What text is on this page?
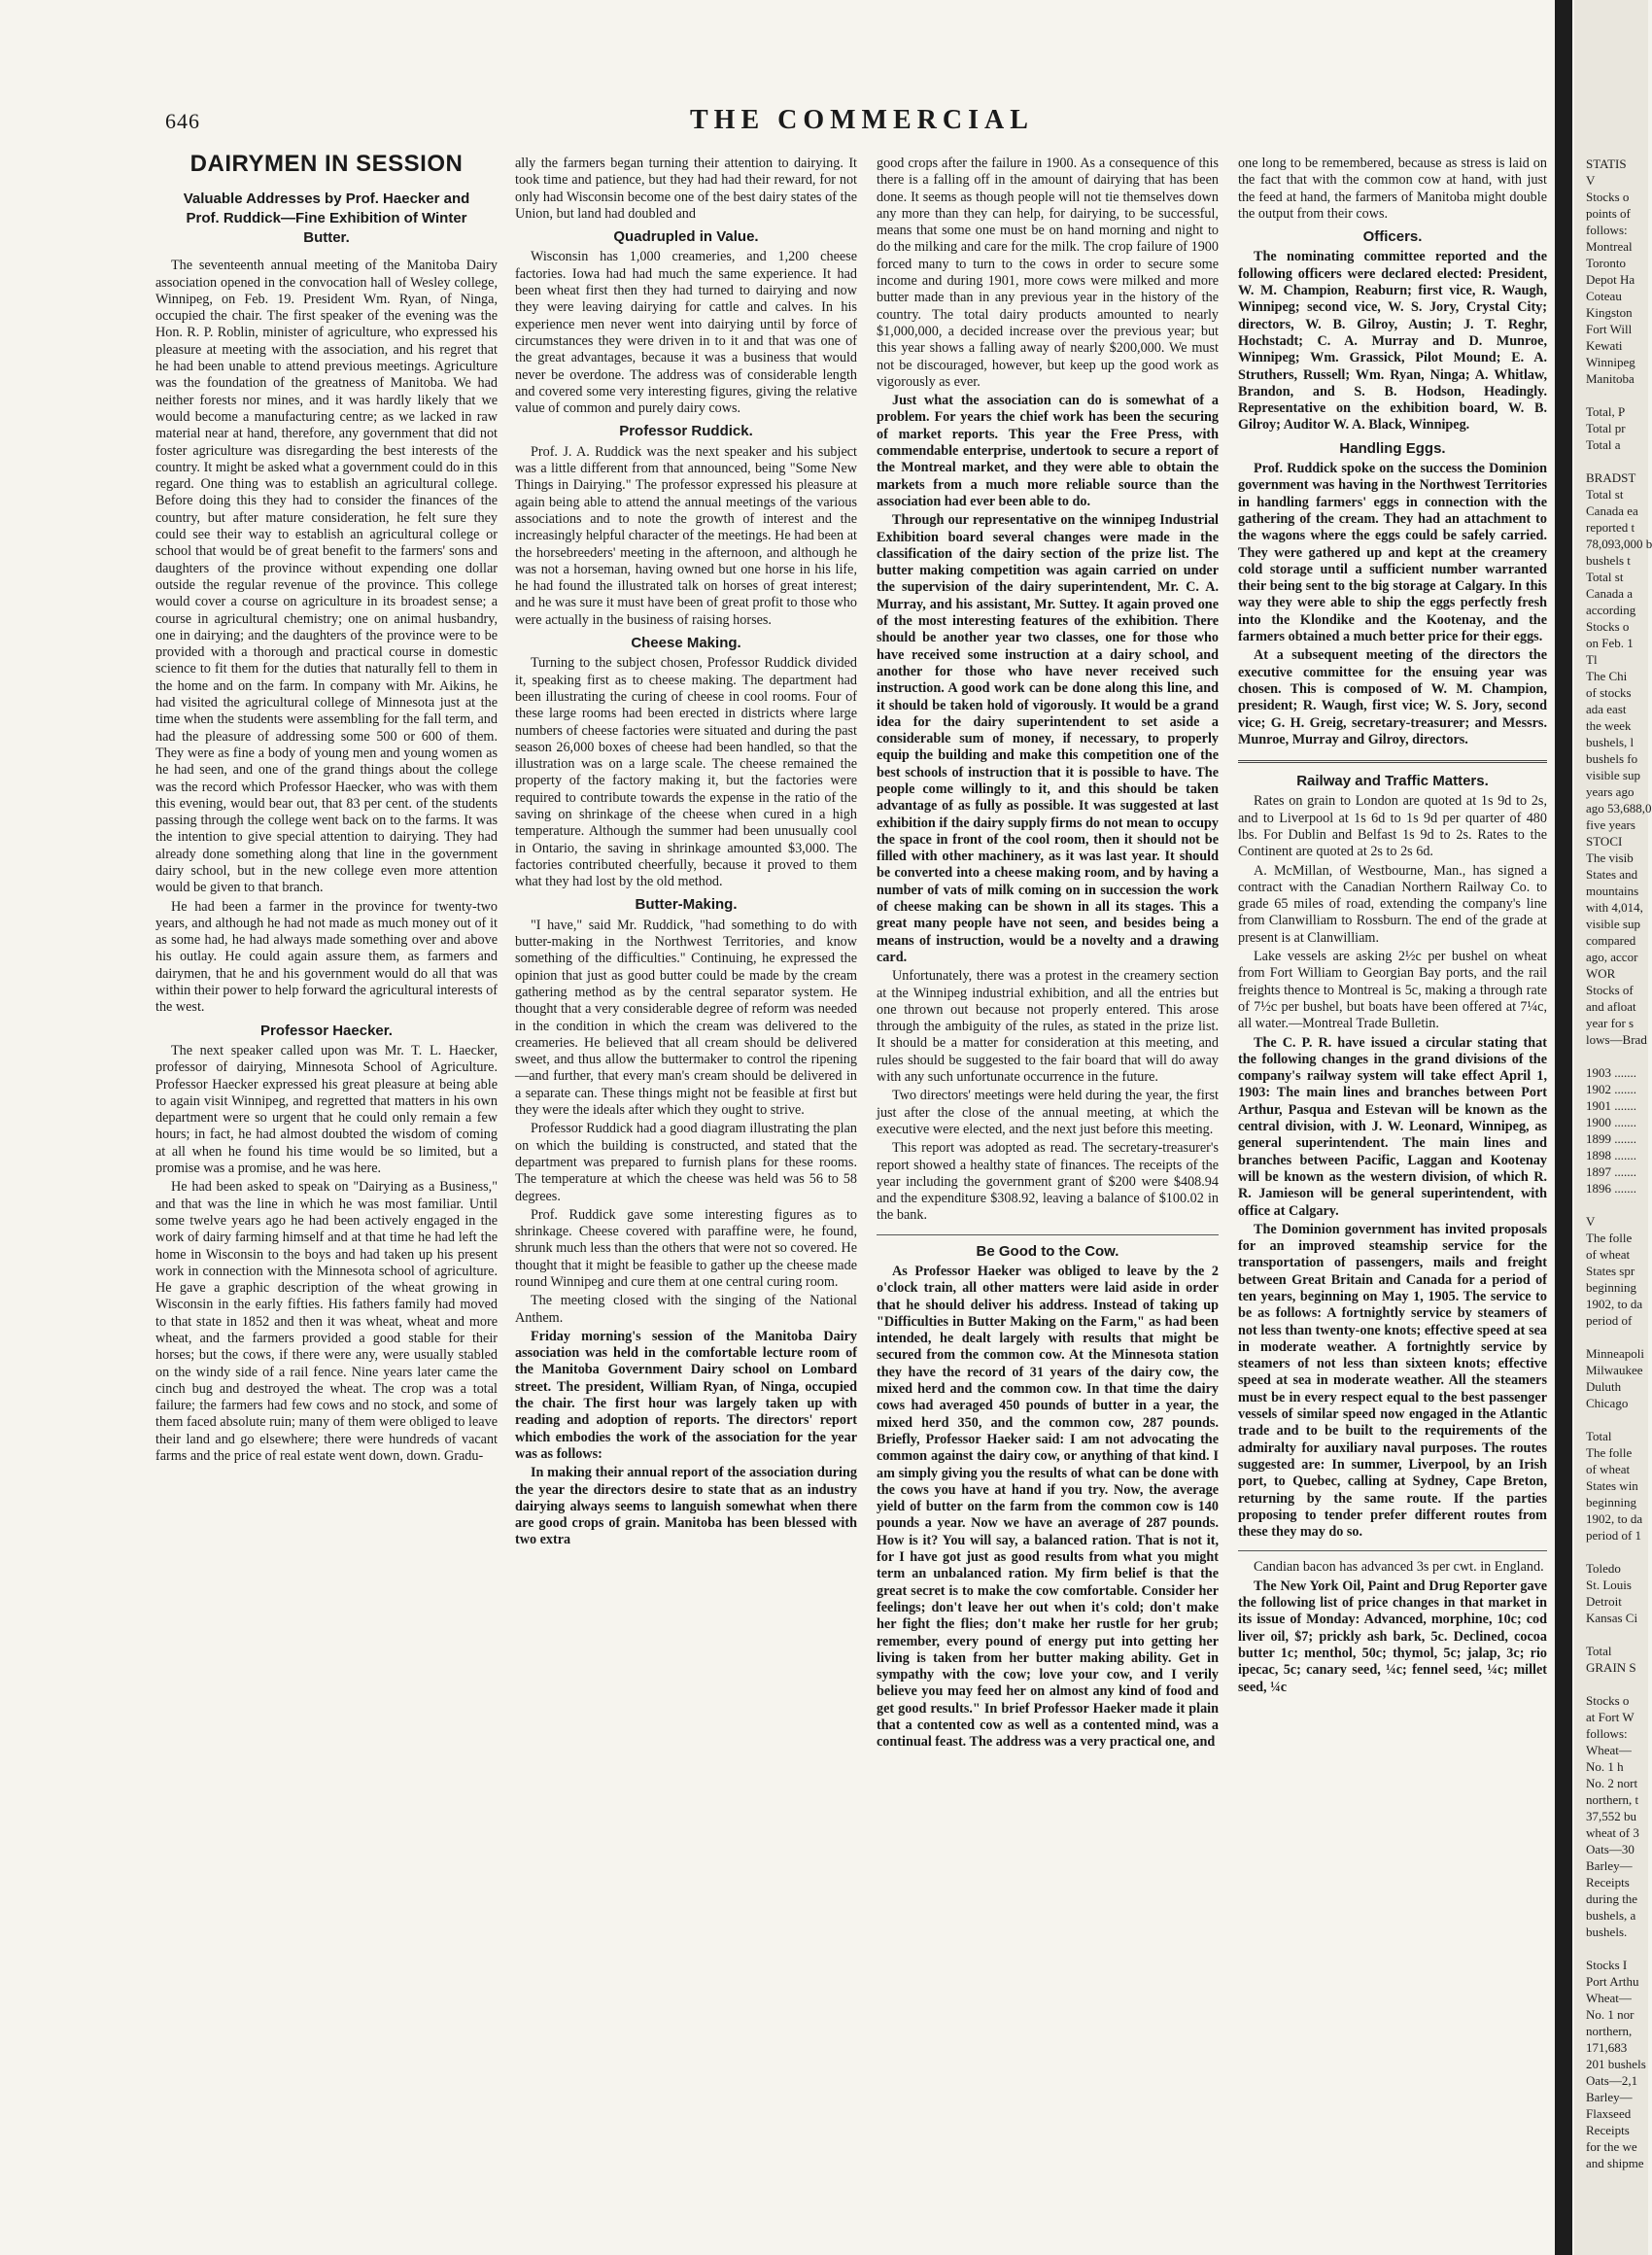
646	THE COMMERCIAL
DAIRYMEN IN SESSION
Valuable Addresses by Prof. Haecker and Prof. Ruddick—Fine Exhibition of Winter Butter.

The seventeenth annual meeting of the Manitoba Dairy association opened in the convocation hall of Wesley college, Winnipeg, on Feb. 19. President Wm. Ryan, of Ninga, occupied the chair. The first speaker of the evening was the Hon. R. P. Roblin, minister of agriculture, who expressed his pleasure at meeting with the association, and his regret that he had been unable to attend previous meetings. Agriculture was the foundation of the greatness of Manitoba. We had neither forests nor mines, and it was hardly likely that we would become a manufacturing centre; as we lacked in raw material near at hand, therefore, any government that did not foster agriculture was disregarding the best interests of the country. It might be asked what a government could do in this regard. One thing was to establish an agricultural college. Before doing this they had to consider the finances of the country, but after mature consideration, he felt sure they could see their way to establish an agricultural college or school that would be of great benefit to the farmers' sons and daughters of the province without expending one dollar outside the regular revenue of the province. This college would cover a course on agriculture in its broadest sense; a course in agricultural chemistry; one on animal husbandry, one in dairying; and the daughters of the province were to be provided with a thorough and practical course in domestic science to fit them for the duties that naturally fell to them in the home and on the farm. In company with Mr. Aikins, he had visited the agricultural college of Minnesota just at the time when the students were assembling for the fall term, and had the pleasure of addressing some 500 or 600 of them. They were as fine a body of young men and young women as he had seen, and one of the grand things about the college was the record which Professor Haecker, who was with them this evening, would bear out, that 83 per cent. of the students passing through the college went back on to the farms. It was the intention to give special attention to dairying. They had already done something along that line in the government dairy school, but in the new college even more attention would be given to that branch.

He had been a farmer in the province for twenty-two years, and although he had not made as much money out of it as some had, he had always made something over and above his outlay. He could again assure them, as farmers and dairymen, that he and his government would do all that was within their power to help forward the agricultural interests of the west.

Professor Haecker.

The next speaker called upon was Mr. T. L. Haecker, professor of dairying, Minnesota School of Agriculture. Professor Haecker expressed his great pleasure at being able to again visit Winnipeg, and regretted that matters in his own department were so urgent that he could only remain a few hours; in fact, he had almost doubted the wisdom of coming at all when he found his time would be so limited, but a promise was a promise, and he was here.

He had been asked to speak on "Dairying as a Business," and that was the line in which he was most familiar. Until some twelve years ago he had been actively engaged in the work of dairy farming himself and at that time he had left the home in Wisconsin to the boys and had taken up his present work in connection with the Minnesota school of agriculture. He gave a graphic description of the wheat growing in Wisconsin in the early fifties. His fathers family had moved to that state in 1852 and then it was wheat, wheat and more wheat, and the farmers provided a good stable for their horses; but the cows, if there were any, were usually stabled on the windy side of a rail fence. Nine years later came the cinch bug and destroyed the wheat. The crop was a total failure; the farmers had few cows and no stock, and some of them faced absolute ruin; many of them were obliged to leave their land and go elsewhere; there were hundreds of vacant farms and the price of real estate went down, down. Gradu-

ally the farmers began turning their attention to dairying. It took time and patience, but they had had their reward, for not only had Wisconsin become one of the best dairy states of the Union, but land had doubled and

Quadrupled in Value.

Wisconsin has 1,000 creameries, and 1,200 cheese factories. Iowa had had much the same experience. It had been wheat first then they had turned to dairying and now they were leaving dairying for cattle and calves. In his experience men never went into dairying until by force of circumstances they were driven in to it and that was one of the great advantages, because it was a business that would never be overdone. The address was of considerable length and covered some very interesting figures, giving the relative value of common and purely dairy cows.

Professor Ruddick.

Prof. J. A. Ruddick was the next speaker and his subject was a little different from that announced, being "Some New Things in Dairying." The professor expressed his pleasure at again being able to attend the annual meetings of the various associations and to note the growth of interest and the increasingly helpful character of the meetings. He had been at the horsebreeders' meeting in the afternoon, and although he was not a horseman, having owned but one horse in his life, he had found the illustrated talk on horses of great interest; and he was sure it must have been of great profit to those who were actually in the business of raising horses.

Cheese Making.

Turning to the subject chosen, Professor Ruddick divided it, speaking first as to cheese making. The department had been illustrating the curing of cheese in cool rooms. Four of these large rooms had been erected in districts where large numbers of cheese factories were situated and during the past season 26,000 boxes of cheese had been handled, so that the illustration was on a large scale. The cheese remained the property of the factory making it, but the factories were required to contribute towards the expense in the ratio of the saving on shrinkage of the cheese when cured in a high temperature. Although the summer had been unusually cool in Ontario, the saving in shrinkage amounted $3,000. The factories contributed cheerfully, because it proved to them what they had lost by the old method.

Butter-Making.

"I have," said Mr. Ruddick, "had something to do with butter-making in the Northwest Territories, and know something of the difficulties." Continuing, he expressed the opinion that just as good butter could be made by the cream gathering method as by the central separator system. He thought that a very considerable degree of reform was needed in the condition in which the cream was delivered to the creameries. He believed that all cream should be delivered sweet, and thus allow the buttermaker to control the ripening—and further, that every man's cream should be delivered in a separate can. These things might not be feasible at first but they were the ideals after which they ought to strive.

Professor Ruddick had a good diagram illustrating the plan on which the building is constructed, and stated that the department was prepared to furnish plans for these rooms. The temperature at which the cheese was held was 56 to 58 degrees.

Prof. Ruddick gave some interesting figures as to shrinkage. Cheese covered with paraffine were, he found, shrunk much less than the others that were not so covered. He thought that it might be feasible to gather up the cheese made round Winnipeg and cure them at one central curing room.

The meeting closed with the singing of the National Anthem.

Friday morning's session of the Manitoba Dairy association was held in the comfortable lecture room of the Manitoba Government Dairy school on Lombard street. The president, William Ryan, of Ninga, occupied the chair. The first hour was largely taken up with reading and adoption of reports. The directors' report which embodies the work of the association for the year was as follows:

In making their annual report of the association during the year the directors desire to state that as an industry dairying always seems to languish somewhat when there are good crops of grain. Manitoba has been blessed with two extra

good crops after the failure in 1900. As a consequence of this there is a falling off in the amount of dairying that has been done. It seems as though people will not tie themselves down any more than they can help, for dairying, to be successful, means that some one must be on hand morning and night to do the milking and care for the milk. The crop failure of 1900 forced many to turn to the cows in order to secure some income and during 1901, more cows were milked and more butter made than in any previous year in the history of the country. The total dairy products amounted to nearly $1,000,000, a decided increase over the previous year; but this year shows a falling away of nearly $200,000. We must not be discouraged, however, but keep up the good work as vigorously as ever.

Just what the association can do is somewhat of a problem. For years the chief work has been the securing of market reports. This year the Free Press, with commendable enterprise, undertook to secure a report of the Montreal market, and they were able to obtain the markets from a much more reliable source than the association had ever been able to do.

Through our representative on the winnipeg Industrial Exhibition board several changes were made in the classification of the dairy section of the prize list. The butter making competition was again carried on under the supervision of the dairy superintendent, Mr. C. A. Murray, and his assistant, Mr. Suttey. It again proved one of the most interesting features of the exhibition. There should be another year two classes, one for those who have received some instruction at a dairy school, and another for those who have never received such instruction. A good work can be done along this line, and it should be taken hold of vigorously. It would be a grand idea for the dairy superintendent to set aside a considerable sum of money, if necessary, to properly equip the building and make this competition one of the best schools of instruction that it is possible to have. The people come willingly to it, and this should be taken advantage of as fully as possible. It was suggested at last exhibition if the dairy supply firms do not mean to occupy the space in front of the cool room, then it should not be filled with other machinery, as it was last year. It should be converted into a cheese making room, and by having a number of vats of milk coming on in succession the work of cheese making can be shown in all its stages. This a great many people have not seen, and besides being a means of instruction, would be a novelty and a drawing card.

Unfortunately, there was a protest in the creamery section at the Winnipeg industrial exhibition, and all the entries but one thrown out because not properly entered. This arose through the ambiguity of the rules, as stated in the prize list. It should be a matter for consideration at this meeting, and rules should be suggested to the fair board that will do away with any such unfortunate occurrence in the future.

Two directors' meetings were held during the year, the first just after the close of the annual meeting, at which the executive were elected, and the next just before this meeting.

This report was adopted as read. The secretary-treasurer's report showed a healthy state of finances. The receipts of the year including the government grant of $200 were $408.94 and the expenditure $308.92, leaving a balance of $100.02 in the bank.

Be Good to the Cow.

As Professor Haeker was obliged to leave by the 2 o'clock train, all other matters were laid aside in order that he should deliver his address. Instead of taking up "Difficulties in Butter Making on the Farm," as had been intended, he dealt largely with results that might be secured from the common cow. At the Minnesota station they have the record of 31 years of the dairy cow, the mixed herd and the common cow. In that time the dairy cows had averaged 450 pounds of butter in a year, the mixed herd 350, and the common cow, 287 pounds. Briefly, Professor Haeker said: I am not advocating the common against the dairy cow, or anything of that kind. I am simply giving you the results of what can be done with the cows you have at hand if you try. Now, the average yield of butter on the farm from the common cow is 140 pounds a year. Now we have an average of 287 pounds. How is it? You will say, a balanced ration. That is not it, for I have got just as good results from what you might term an unbalanced ration. My firm belief is that the great secret is to make the cow comfortable. Consider her feelings; don't leave her out when it's cold; don't make her fight the flies; don't make her rustle for her grub; remember, every pound of energy put into getting her living is taken from her butter making ability. Get in sympathy with the cow; love your cow, and I verily believe you may feed her on almost any kind of food and get good results." In brief Professor Haeker made it plain that a contented cow as well as a contented mind, was a continual feast. The address was a very practical one, and

one long to be remembered, because as stress is laid on the fact that with the common cow at hand, with just the feed at hand, the farmers of Manitoba might double the output from their cows.

Officers.

The nominating committee reported and the following officers were declared elected: President, W. M. Champion, Reaburn; first vice, R. Waugh, Winnipeg; second vice, W. S. Jory, Crystal City; directors, W. B. Gilroy, Austin; J. T. Reghr, Hochstadt; C. A. Murray and D. Munroe, Winnipeg; Wm. Grassick, Pilot Mound; E. A. Struthers, Russell; Wm. Ryan, Ninga; A. Whitlaw, Brandon, and S. B. Hodson, Headingly. Representative on the exhibition board, W. B. Gilroy; Auditor W. A. Black, Winnipeg.

Handling Eggs.

Prof. Ruddick spoke on the success the Dominion government was having in the Northwest Territories in handling farmers' eggs in connection with the gathering of the cream. They had an attachment to the wagons where the eggs could be safely carried. They were gathered up and kept at the creamery cold storage until a sufficient number warranted their being sent to the big storage at Calgary. In this way they were able to ship the eggs perfectly fresh into the Klondike and the Kootenay, and the farmers obtained a much better price for their eggs.

At a subsequent meeting of the directors the executive committee for the ensuing year was chosen. This is composed of W. M. Champion, president; R. Waugh, first vice; W. S. Jory, second vice; G. H. Greig, secretary-treasurer; and Messrs. Munroe, Murray and Gilroy, directors.

Railway and Traffic Matters.

Rates on grain to London are quoted at 1s 9d to 2s, and to Liverpool at 1s 6d to 1s 9d per quarter of 480 lbs. For Dublin and Belfast 1s 9d to 2s. Rates to the Continent are quoted at 2s to 2s 6d.

A. McMillan, of Westbourne, Man., has signed a contract with the Canadian Northern Railway Co. to grade 65 miles of road, extending the company's line from Clanwilliam to Rossburn. The end of the grade at present is at Clanwilliam.

Lake vessels are asking 2½c per bushel on wheat from Fort William to Georgian Bay ports, and the rail freights thence to Montreal is 5c, making a through rate of 7½c per bushel, but boats have been offered at 7¼c, all water.—Montreal Trade Bulletin.

The C. P. R. have issued a circular stating that the following changes in the grand divisions of the company's railway system will take effect April 1, 1903: The main lines and branches between Port Arthur, Pasqua and Estevan will be known as the central division, with J. W. Leonard, Winnipeg, as general superintendent. The main lines and branches between Pacific, Laggan and Kootenay will be known as the western division, of which R. R. Jamieson will be general superintendent, with office at Calgary.

The Dominion government has invited proposals for an improved steamship service for the transportation of passengers, mails and freight between Great Britain and Canada for a period of ten years, beginning on May 1, 1905. The service to be as follows: A fortnightly service by steamers of not less than twenty-one knots; effective speed at sea in moderate weather. A fortnightly service by steamers of not less than sixteen knots; effective speed at sea in moderate weather. All the steamers must be in every respect equal to the best passenger vessels of similar speed now engaged in the Atlantic trade and to be built to the requirements of the admiralty for auxiliary naval purposes. The routes suggested are: In summer, Liverpool, by an Irish port, to Quebec, calling at Sydney, Cape Breton, returning by the same route. If the parties proposing to tender prefer different routes from these they may do so.

Candian bacon has advanced 3s per cwt. in England.

The New York Oil, Paint and Drug Reporter gave the following list of price changes in that market in its issue of Monday: Advanced, morphine, 10c; cod liver oil, $7; prickly ash bark, 5c. Declined, cocoa butter 1c; menthol, 50c; thymol, 5c; jalap, 3c; rio ipecac, 5c; canary seed, ¼c; fennel seed, ¼c; millet seed, ¼c

STATIS
V
Stocks o
points of
follows:
Montreal
Toronto
Depot Ha
Coteau
Kingston
Fort Will
Kewati
Winnipeg
Manitoba

Total, P
Total pr
Total a

BRADST
Total st
Canada ea
reported t
78,093,000 b
bushels t
Total st
Canada a
according
Stocks o
on Feb. 1
Tl
The Chi
of stocks
ada east
the week
bushels, l
bushels fo
visible sup
years ago
ago 53,688,0
five years
STOCI
The visib
States and
mountains
with 4,014,
visible sup
compared
ago, accor
WOR
Stocks of
and afloat
year for s
lows—Brad

1903 .......
1902 .......
1901 .......
1900 .......
1899 .......
1898 .......
1897 .......
1896 .......

V
The folle
of wheat
States spr
beginning
1902, to da
period of

Minneapoli
Milwaukee
Duluth
Chicago

Total
The folle
of wheat
States win
beginning
1902, to da
period of 1

Toledo
St. Louis
Detroit
Kansas Ci

Total
GRAIN S

Stocks o
at Fort W
follows:
Wheat—
No. 1 h
No. 2 nort
northern, t
37,552 bu
wheat of 3
Oats—30
Barley—
Receipts
during the
bushels, a
bushels.

Stocks I
Port Arthu
Wheat—
No. 1 nor
northern,
171,683
201 bushels
Oats—2,1
Barley—
Flaxseed
Receipts
for the we
and shipme
